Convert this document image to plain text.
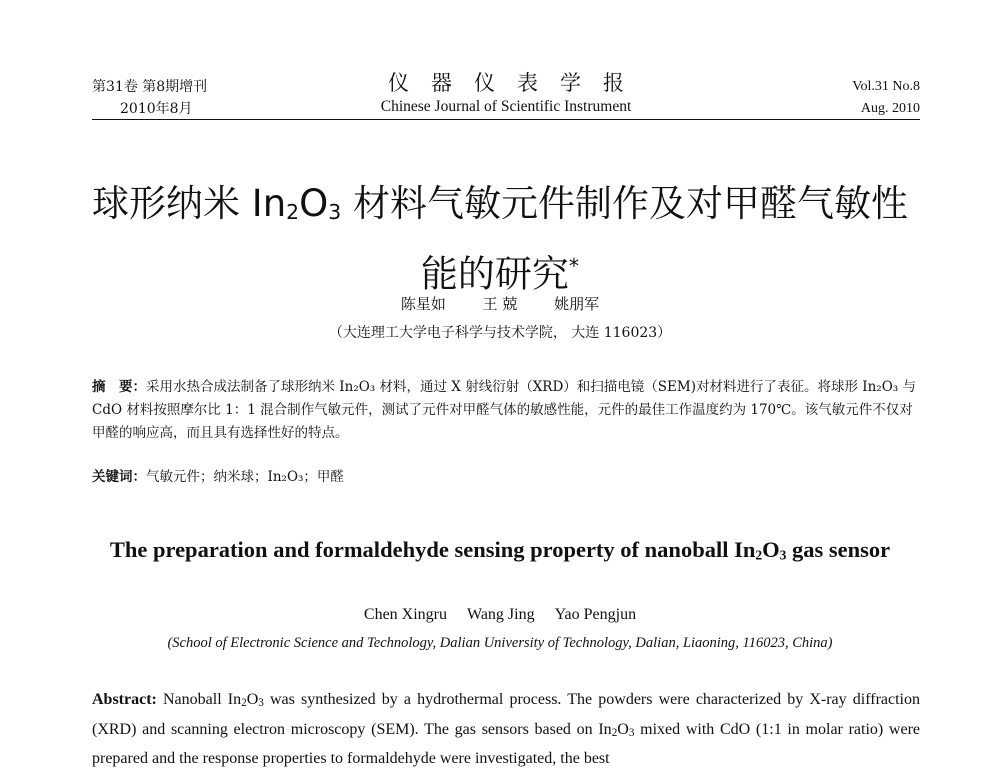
第31卷 第8期增刊
2010年8月
仪器仪表学报
Chinese Journal of Scientific Instrument
Vol.31 No.8
Aug. 2010
球形纳米 In2O3 材料气敏元件制作及对甲醛气敏性能的研究*
陈星如 王 兢 姚朋军
（大连理工大学电子科学与技术学院， 大连 116023）
摘　要：采用水热合成法制备了球形纳米 In₂O₃ 材料，通过 X 射线衍射（XRD）和扫描电镜（SEM)对材料进行了表征。将球形 In₂O₃ 与 CdO 材料按照摩尔比 1：1 混合制作气敏元件，测试了元件对甲醛气体的敏感性能，元件的最佳工作温度约为 170℃。该气敏元件不仅对甲醛的响应高，而且具有选择性好的特点。
关键词：气敏元件；纳米球；In₂O₃；甲醛
The preparation and formaldehyde sensing property of nanoball $In_2O_3$ gas sensor
Chen Xingru Wang Jing Yao Pengjun
(School of Electronic Science and Technology, Dalian University of Technology, Dalian, Liaoning, 116023, China)
Abstract: Nanoball $In_2O_3$ was synthesized by a hydrothermal process. The powders were characterized by X-ray diffraction (XRD) and scanning electron microscopy (SEM). The gas sensors based on $In_2O_3$ mixed with CdO (1:1 in molar ratio) were prepared and the response properties to formaldehyde were investigated, the best
